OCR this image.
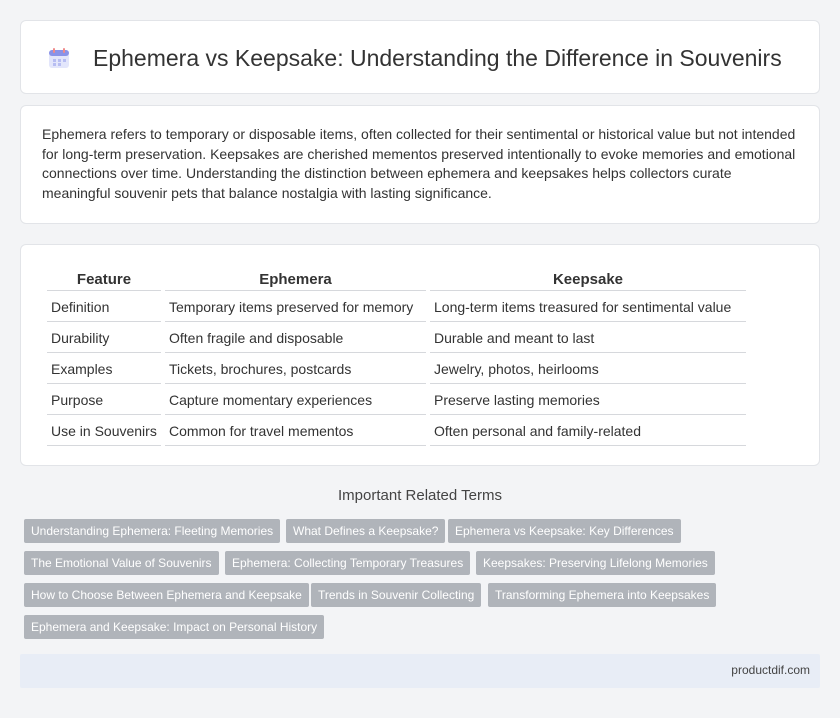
Ephemera vs Keepsake: Understanding the Difference in Souvenirs

Ephemera refers to temporary or disposable items, often collected for their sentimental or historical value but not intended for long-term preservation. Keepsakes are cherished mementos preserved intentionally to evoke memories and emotional connections over time. Understanding the distinction between ephemera and keepsakes helps collectors curate meaningful souvenir pets that balance nostalgia with lasting significance.

Feature	Ephemera	Keepsake
Definition	Temporary items preserved for memory	Long-term items treasured for sentimental value
Durability	Often fragile and disposable	Durable and meant to last
Examples	Tickets, brochures, postcards	Jewelry, photos, heirlooms
Purpose	Capture momentary experiences	Preserve lasting memories
Use in Souvenirs	Common for travel mementos	Often personal and family-related
Important Related Terms
Understanding Ephemera: Fleeting Memories	What Defines a Keepsake?	Ephemera vs Keepsake: Key Differences
The Emotional Value of Souvenirs	Ephemera: Collecting Temporary Treasures	Keepsakes: Preserving Lifelong Memories
How to Choose Between Ephemera and Keepsake	Trends in Souvenir Collecting	Transforming Ephemera into Keepsakes
Ephemera and Keepsake: Impact on Personal History
productdif.com
